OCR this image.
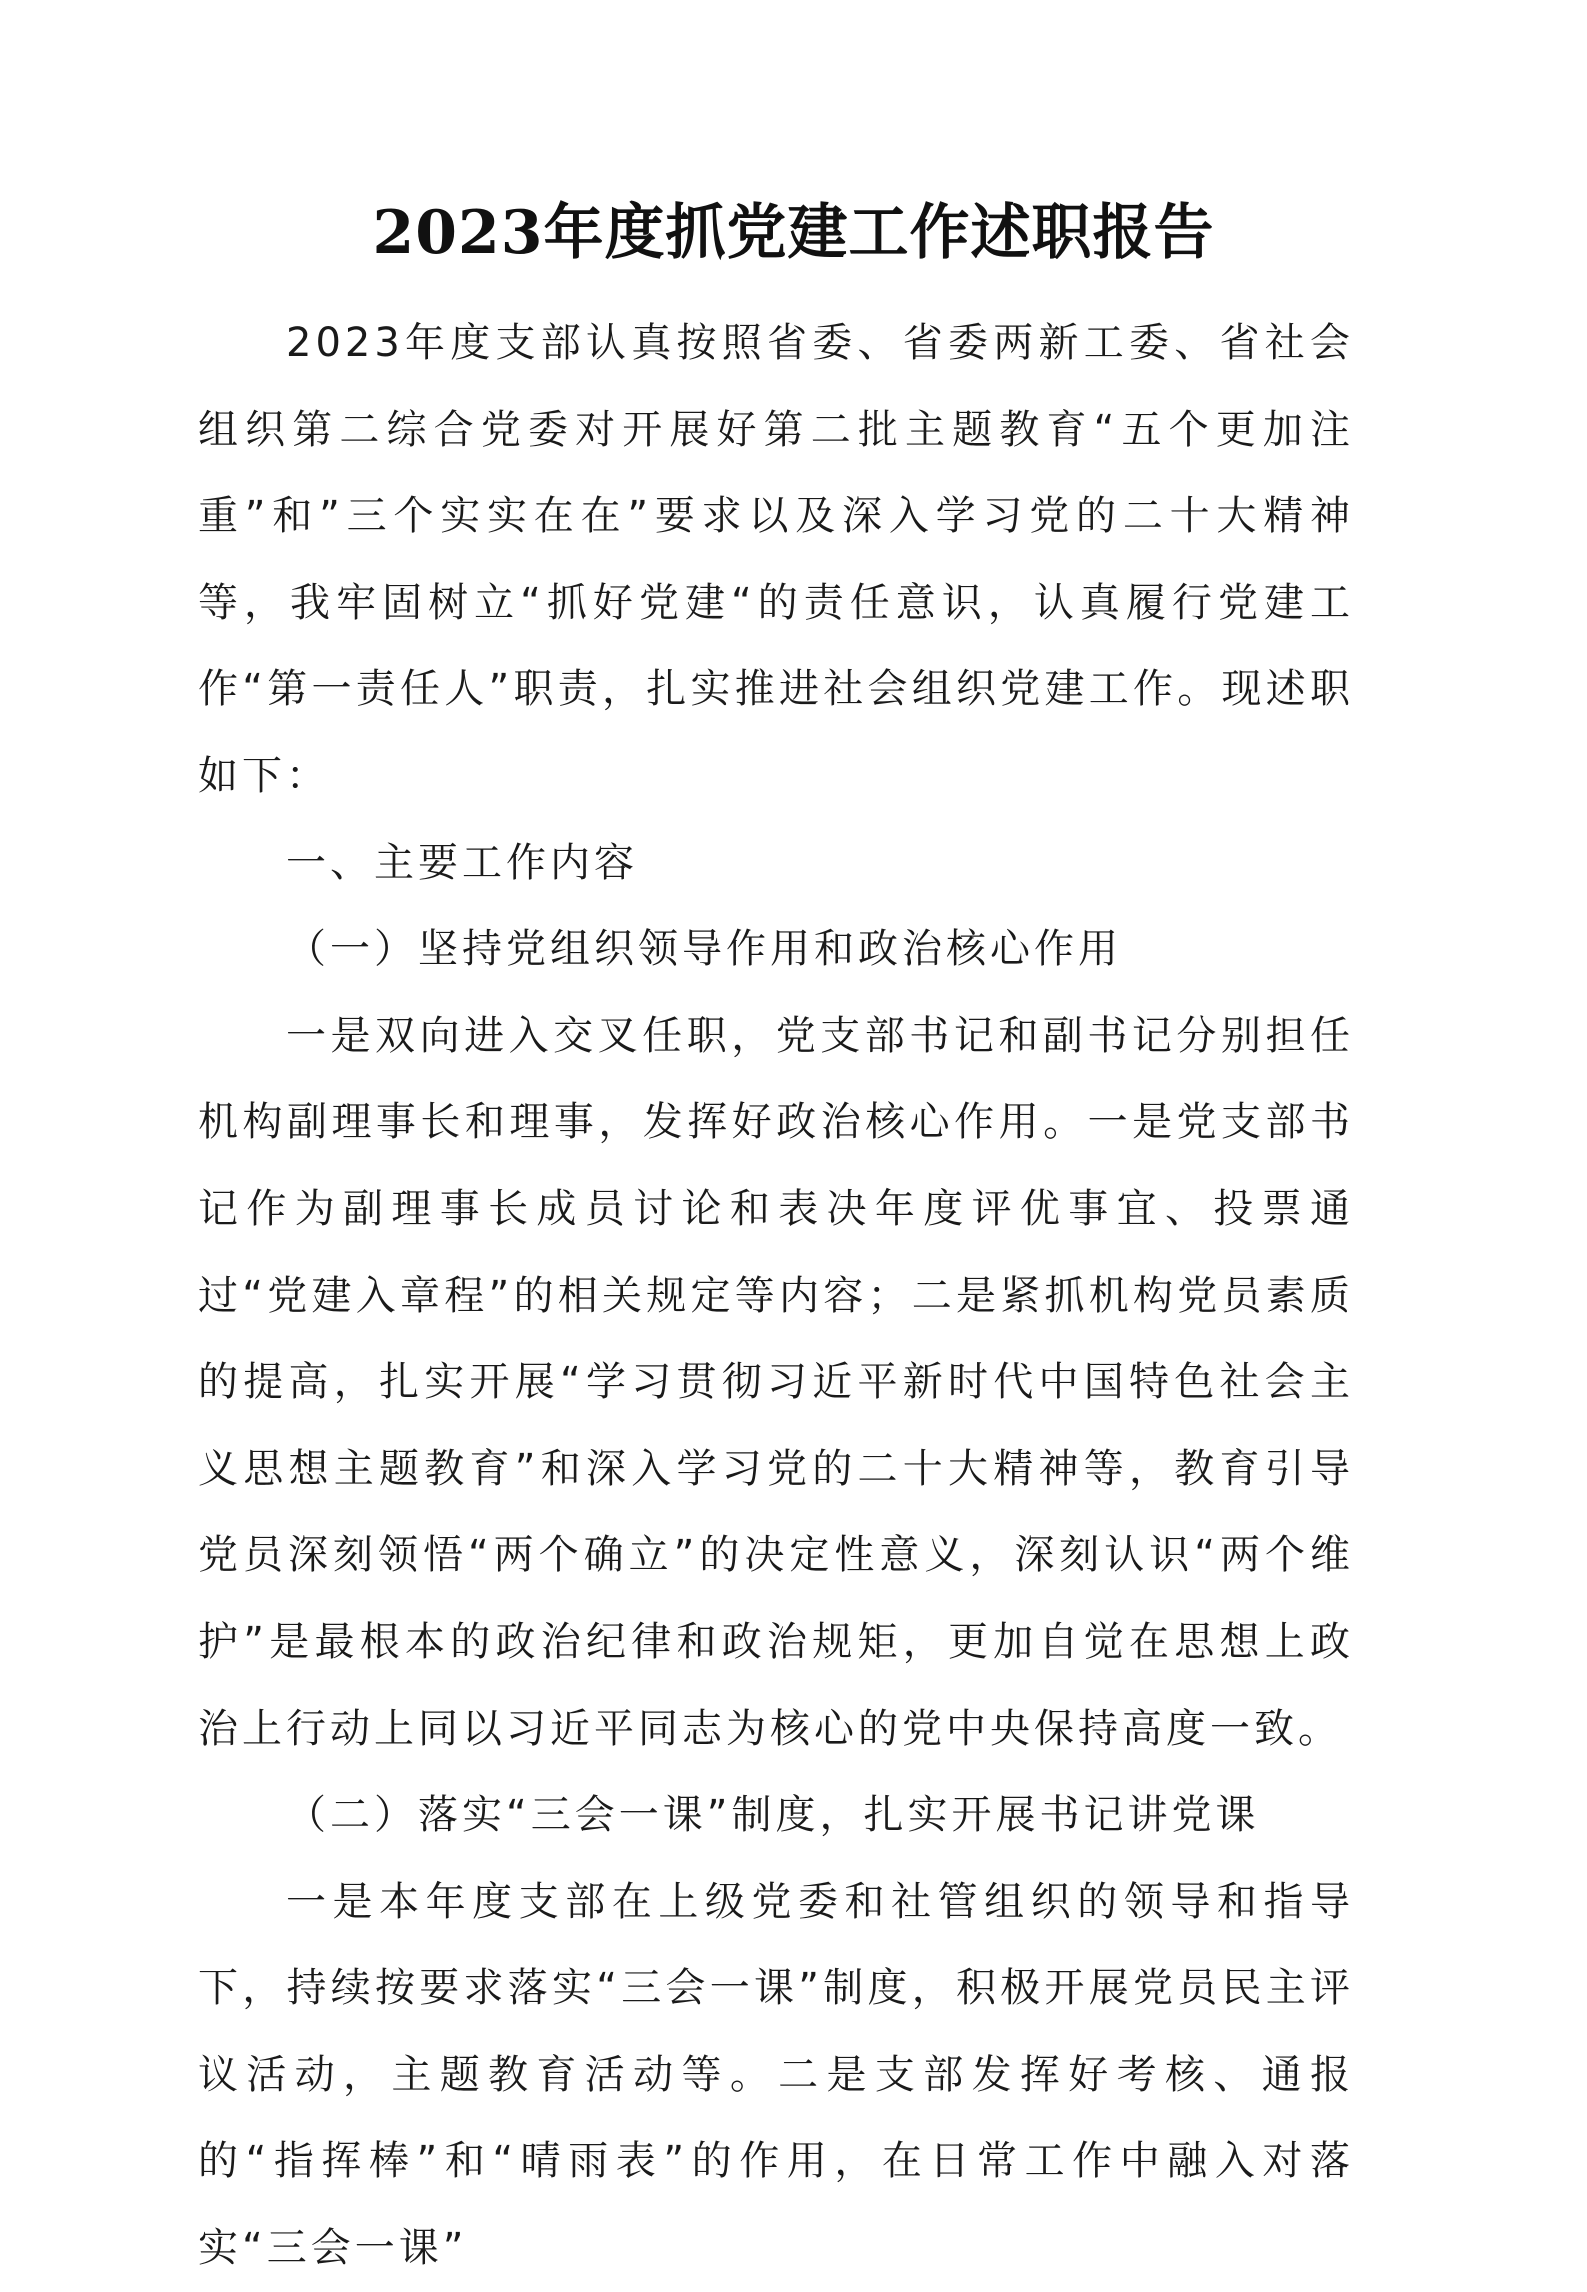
2023年度抓党建工作述职报告

2023年度支部认真按照省委、省委两新工委、省社会组织第二综合党委对开展好第二批主题教育“五个更加注重”和”三个实实在在”要求以及深入学习党的二十大精神等，我牢固树立“抓好党建“的责任意识，认真履行党建工作“第一责任人”职责，扎实推进社会组织党建工作。现述职如下：

一、主要工作内容

（一）坚持党组织领导作用和政治核心作用

一是双向进入交叉任职，党支部书记和副书记分别担任机构副理事长和理事，发挥好政治核心作用。一是党支部书记作为副理事长成员讨论和表决年度评优事宜、投票通过“党建入章程”的相关规定等内容；二是紧抓机构党员素质的提高，扎实开展“学习贯彻习近平新时代中国特色社会主义思想主题教育”和深入学习党的二十大精神等，教育引导党员深刻领悟“两个确立”的决定性意义，深刻认识“两个维护”是最根本的政治纪律和政治规矩，更加自觉在思想上政治上行动上同以习近平同志为核心的党中央保持高度一致。

（二）落实“三会一课”制度，扎实开展书记讲党课

一是本年度支部在上级党委和社管组织的领导和指导下，持续按要求落实“三会一课”制度，积极开展党员民主评议活动，主题教育活动等。二是支部发挥好考核、通报的“指挥棒”和“晴雨表”的作用，在日常工作中融入对落实“三会一课”
